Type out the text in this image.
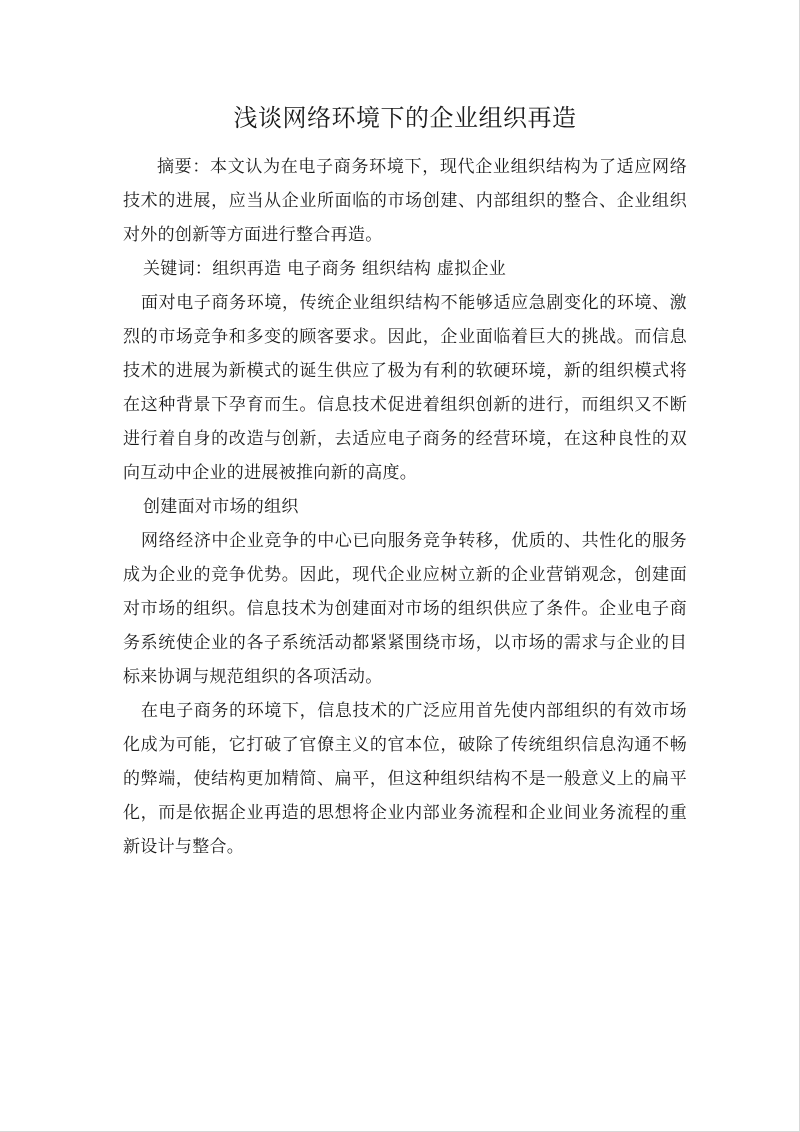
浅谈网络环境下的企业组织再造

摘要：本文认为在电子商务环境下，现代企业组织结构为了适应网络技术的进展，应当从企业所面临的市场创建、内部组织的整合、企业组织对外的创新等方面进行整合再造。

关键词：组织再造 电子商务 组织结构 虚拟企业

面对电子商务环境，传统企业组织结构不能够适应急剧变化的环境、激烈的市场竞争和多变的顾客要求。因此，企业面临着巨大的挑战。而信息技术的进展为新模式的诞生供应了极为有利的软硬环境，新的组织模式将在这种背景下孕育而生。信息技术促进着组织创新的进行，而组织又不断进行着自身的改造与创新，去适应电子商务的经营环境，在这种良性的双向互动中企业的进展被推向新的高度。

创建面对市场的组织

网络经济中企业竞争的中心已向服务竞争转移，优质的、共性化的服务成为企业的竞争优势。因此，现代企业应树立新的企业营销观念，创建面对市场的组织。信息技术为创建面对市场的组织供应了条件。企业电子商务系统使企业的各子系统活动都紧紧围绕市场，以市场的需求与企业的目标来协调与规范组织的各项活动。

在电子商务的环境下，信息技术的广泛应用首先使内部组织的有效市场化成为可能，它打破了官僚主义的官本位，破除了传统组织信息沟通不畅的弊端，使结构更加精简、扁平，但这种组织结构不是一般意义上的扁平化，而是依据企业再造的思想将企业内部业务流程和企业间业务流程的重新设计与整合。
